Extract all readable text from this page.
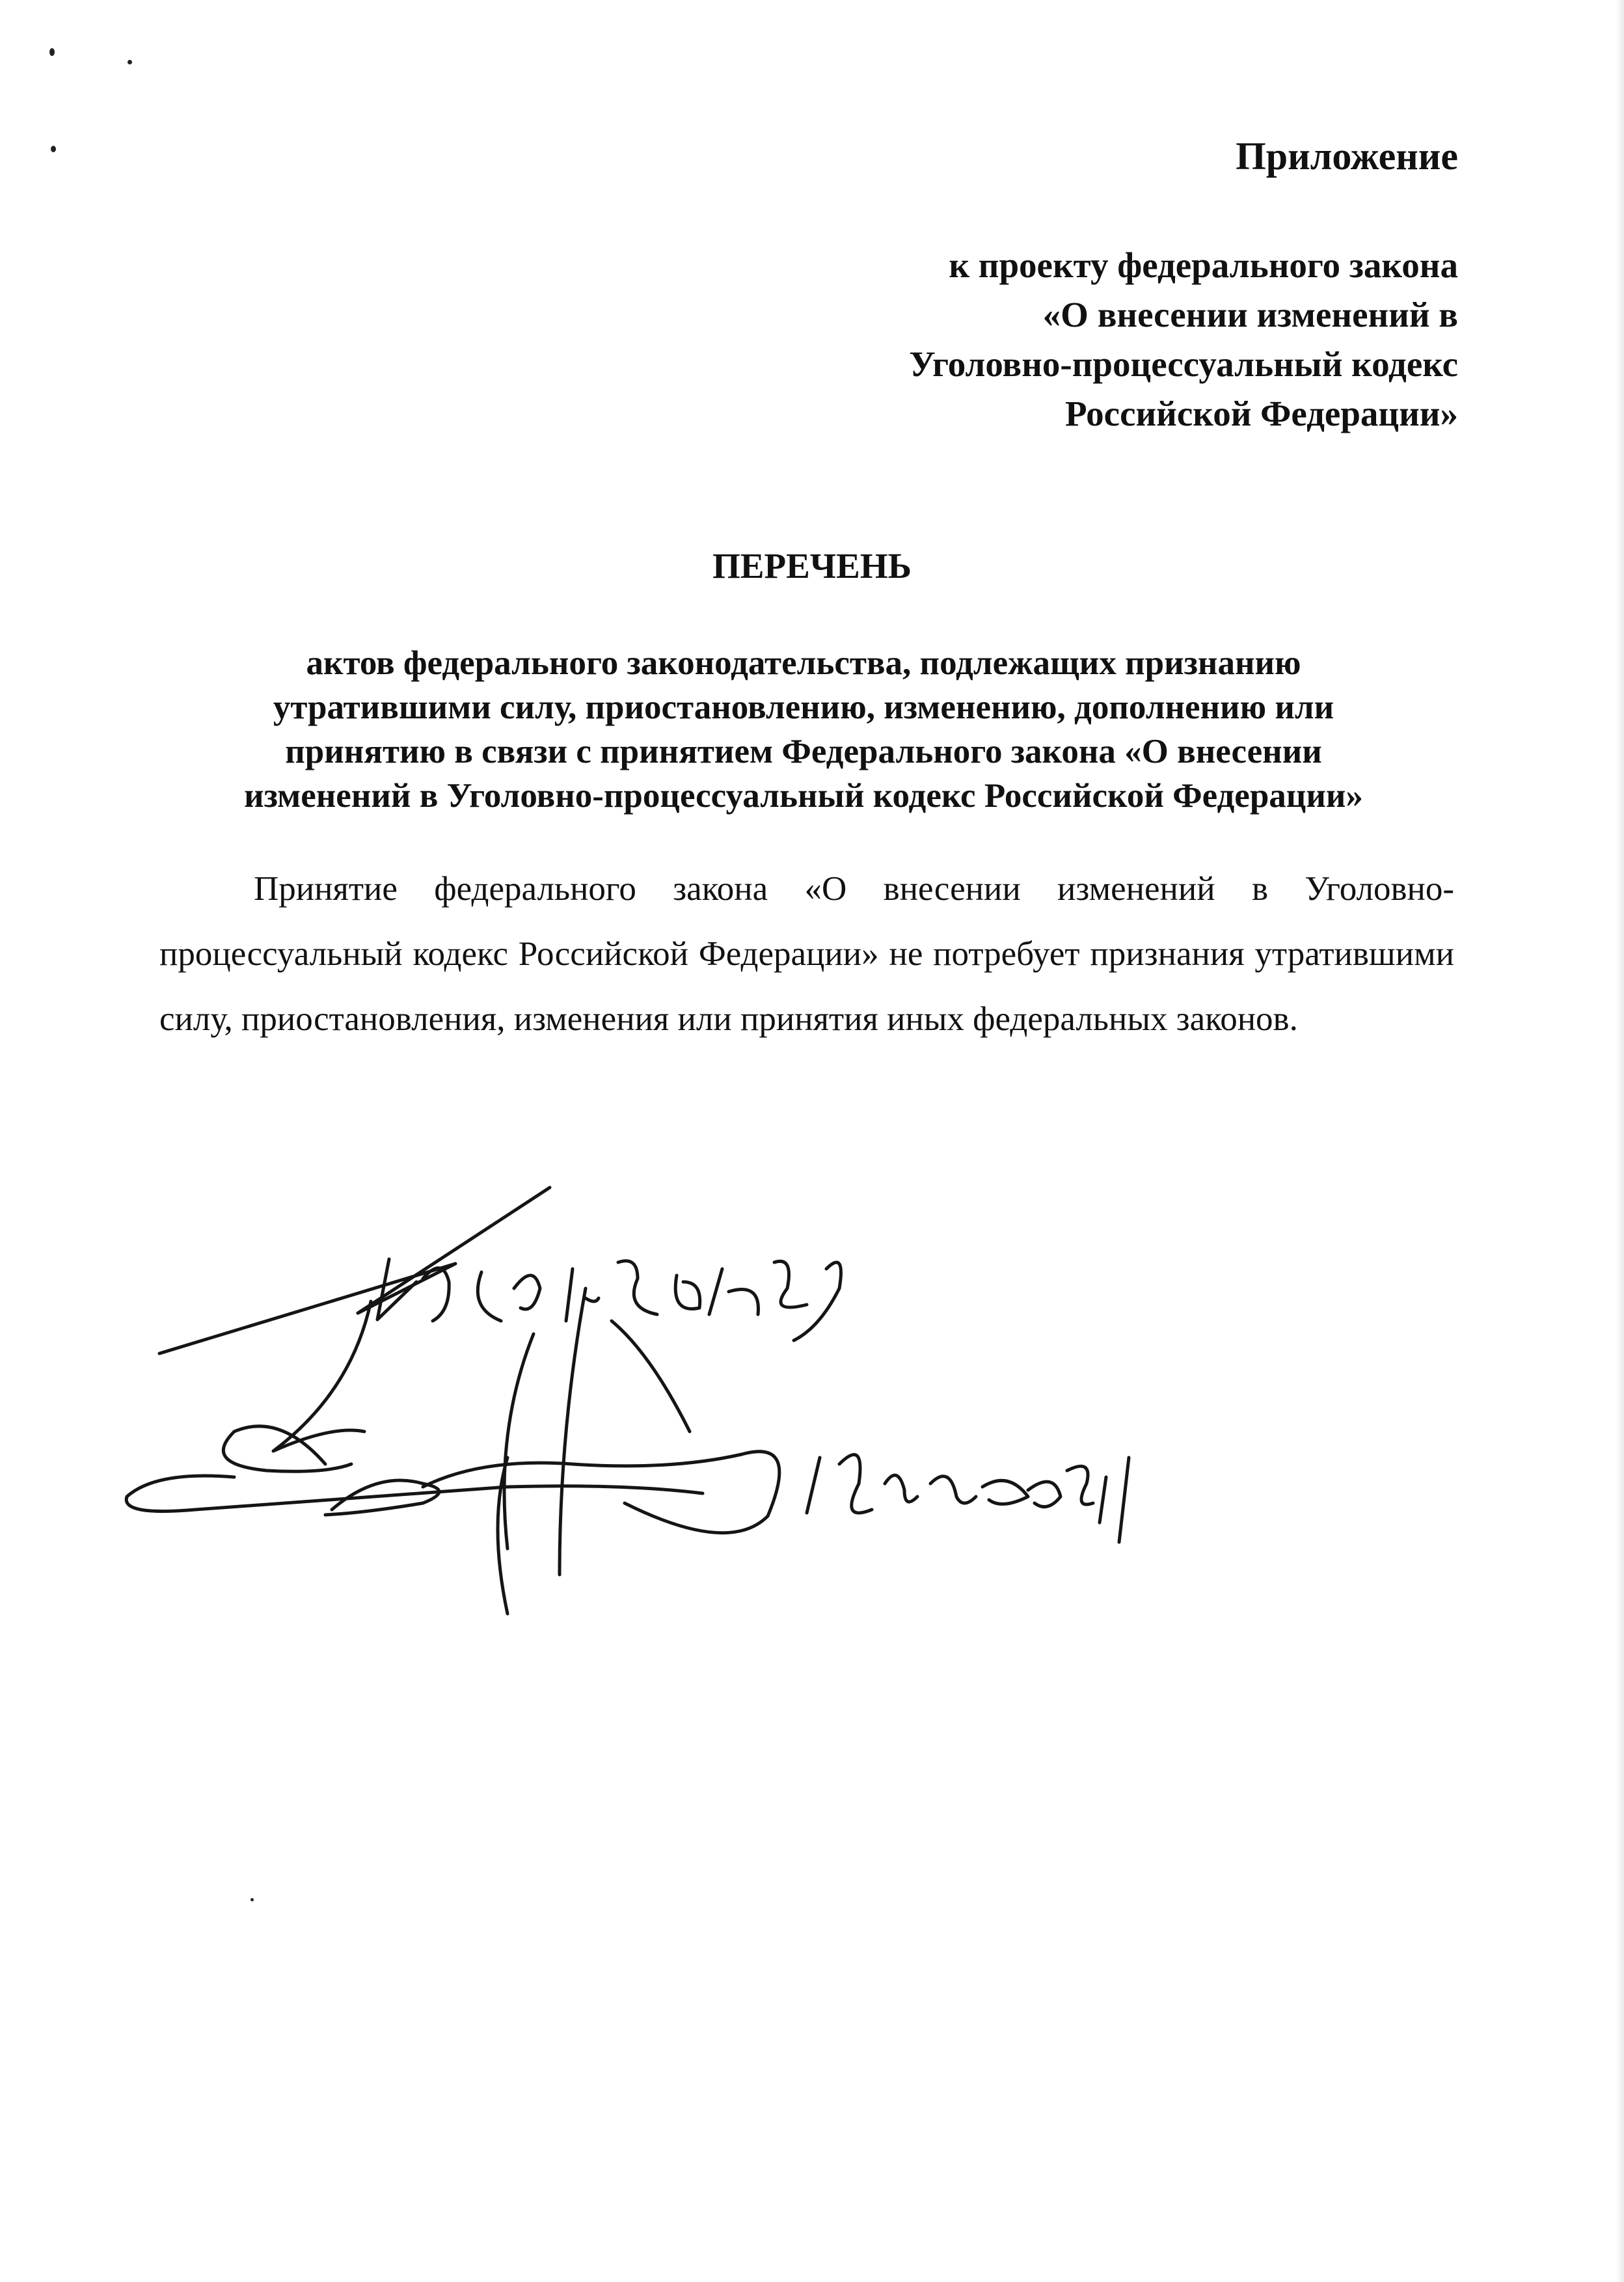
Приложение
к проекту федерального закона
«О внесении изменений в
Уголовно-процессуальный кодекс
Российской Федерации»
ПЕРЕЧЕНЬ
актов федерального законодательства, подлежащих признанию
утратившими силу, приостановлению, изменению, дополнению или
принятию в связи с принятием Федерального закона «О внесении
изменений в Уголовно-процессуальный кодекс Российской Федерации»
Принятие федерального закона «О внесении изменений в Уголовно-процессуальный кодекс Российской Федерации» не потребует признания утратившими силу, приостановления, изменения или принятия иных федеральных законов.
